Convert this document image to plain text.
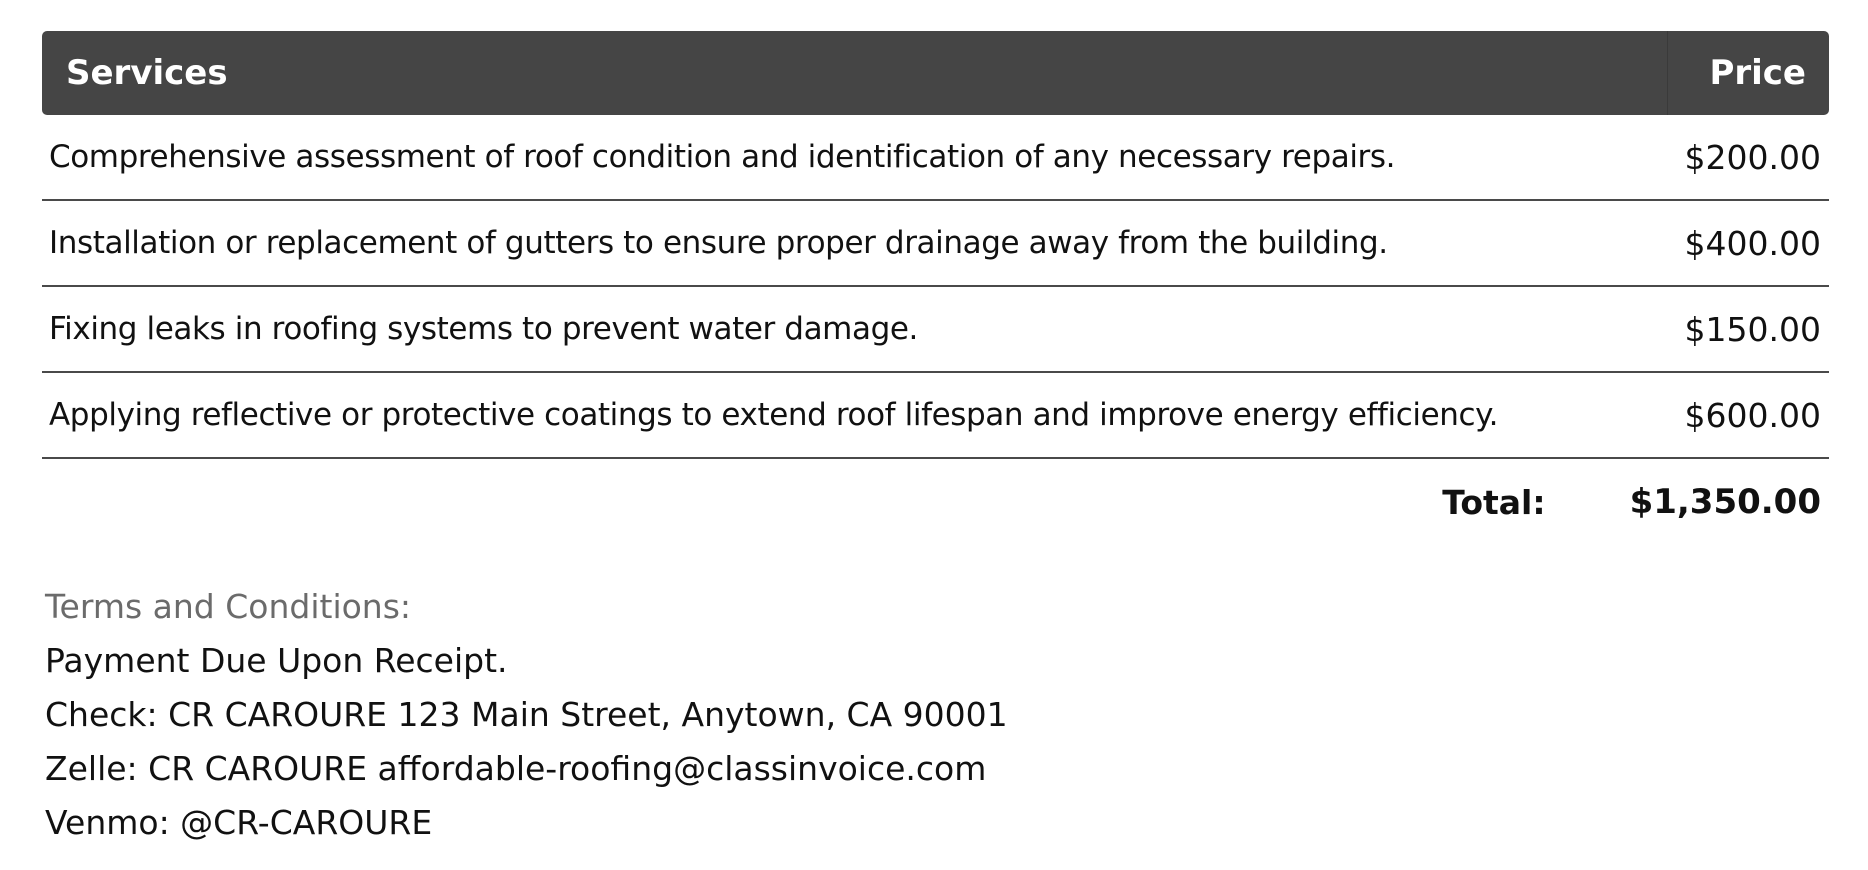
Services	Price
Comprehensive assessment of roof condition and identification of any necessary repairs.	$200.00
Installation or replacement of gutters to ensure proper drainage away from the building.	$400.00
Fixing leaks in roofing systems to prevent water damage.	$150.00
Applying reflective or protective coatings to extend roof lifespan and improve energy efficiency.	$600.00
Total: $1,350.00
Terms and Conditions:
Payment Due Upon Receipt.
Check: CR CAROURE 123 Main Street, Anytown, CA 90001
Zelle: CR CAROURE affordable-roofing@classinvoice.com
Venmo: @CR-CAROURE
